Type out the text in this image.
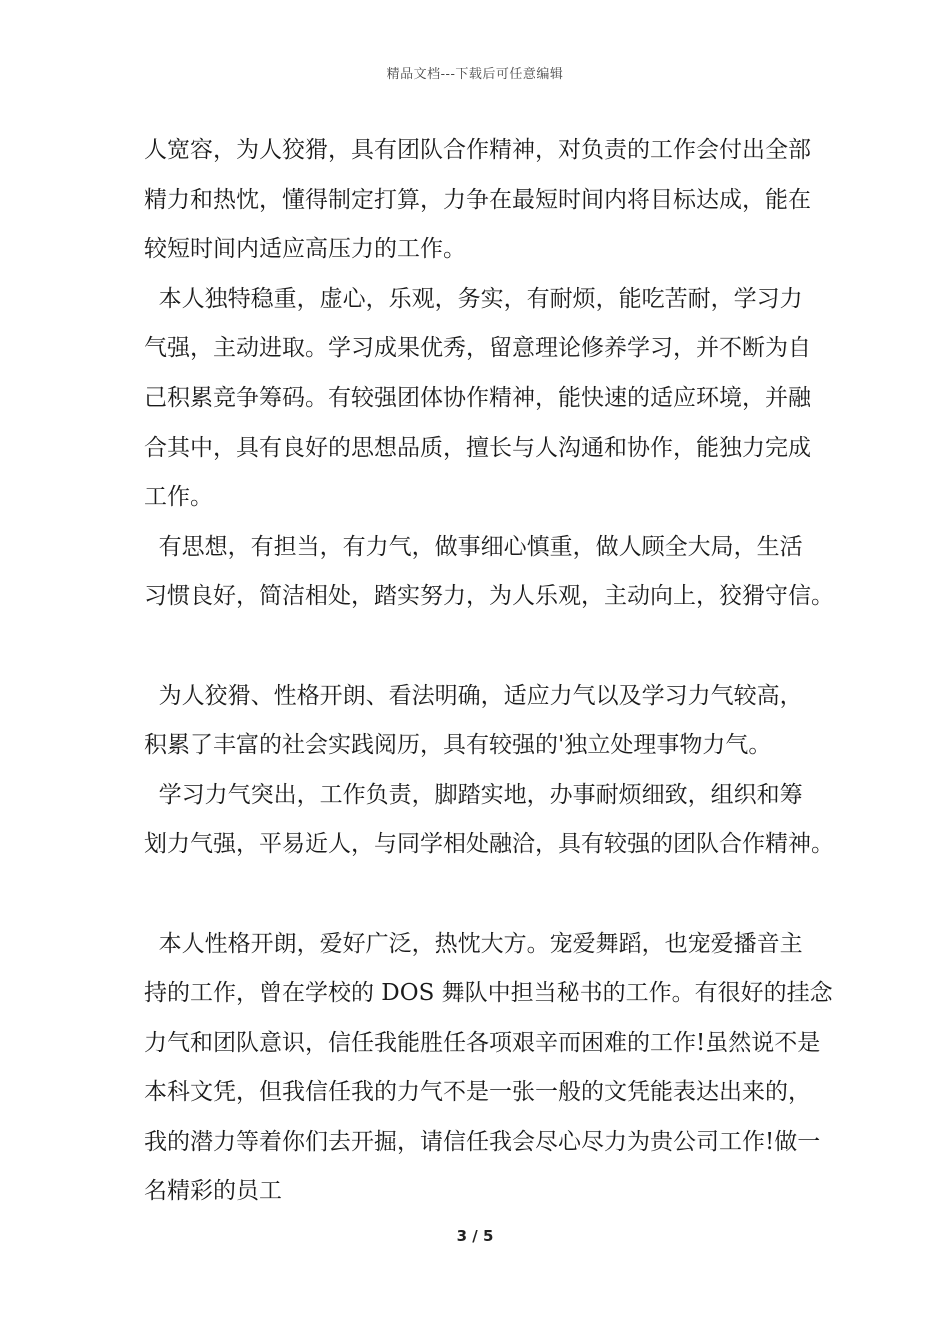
精品文档---下载后可任意编辑
人宽容，为人狡猾，具有团队合作精神，对负责的工作会付出全部
精力和热忱，懂得制定打算，力争在最短时间内将目标达成，能在
较短时间内适应高压力的工作。
本人独特稳重，虚心，乐观，务实，有耐烦，能吃苦耐，学习力
气强，主动进取。学习成果优秀，留意理论修养学习，并不断为自
己积累竞争筹码。有较强团体协作精神，能快速的适应环境，并融
合其中，具有良好的思想品质，擅长与人沟通和协作，能独力完成
工作。
有思想，有担当，有力气，做事细心慎重，做人顾全大局，生活
习惯良好，简洁相处，踏实努力，为人乐观，主动向上，狡猾守信。
为人狡猾、性格开朗、看法明确，适应力气以及学习力气较高，
积累了丰富的社会实践阅历，具有较强的'独立处理事物力气。
学习力气突出，工作负责，脚踏实地，办事耐烦细致，组织和筹
划力气强，平易近人，与同学相处融洽，具有较强的团队合作精神。
本人性格开朗，爱好广泛，热忱大方。宠爱舞蹈，也宠爱播音主
持的工作，曾在学校的 DOS 舞队中担当秘书的工作。有很好的挂念
力气和团队意识，信任我能胜任各项艰辛而困难的工作!虽然说不是
本科文凭，但我信任我的力气不是一张一般的文凭能表达出来的，
我的潜力等着你们去开掘，请信任我会尽心尽力为贵公司工作!做一
名精彩的员工
3 / 5
